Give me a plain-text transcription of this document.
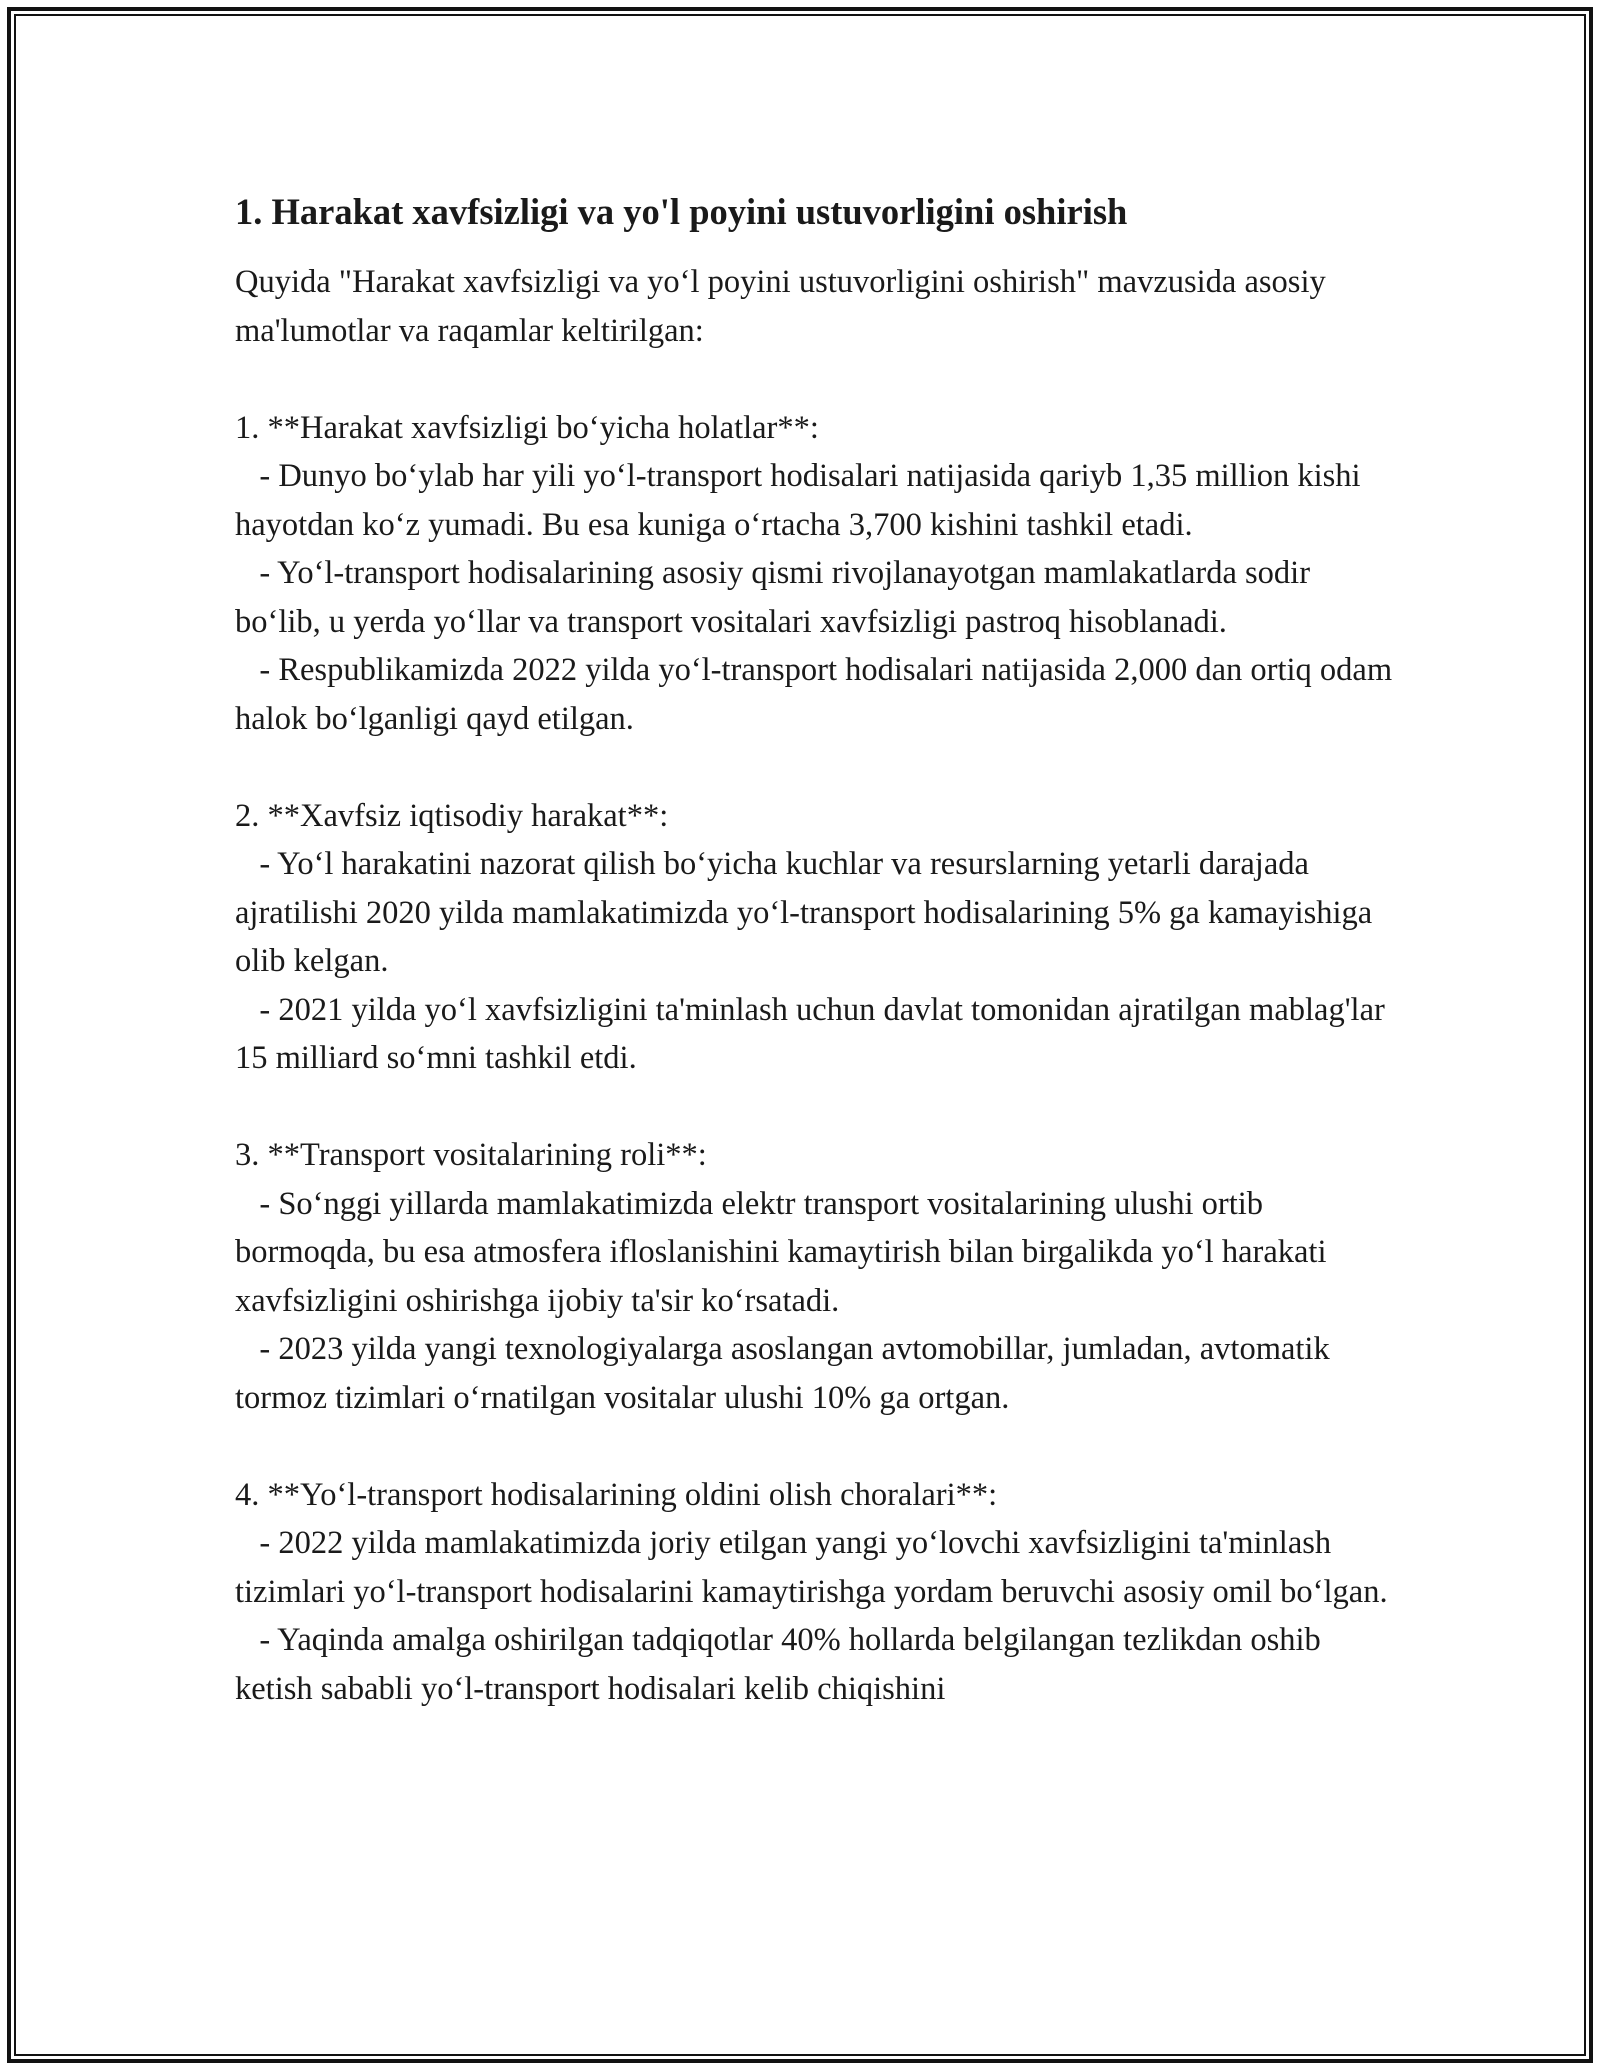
1. Harakat xavfsizligi va yo'l poyini ustuvorligini oshirish

Quyida "Harakat xavfsizligi va yo‘l poyini ustuvorligini oshirish" mavzusida asosiy ma'lumotlar va raqamlar keltirilgan:

1. **Harakat xavfsizligi bo‘yicha holatlar**:

- Dunyo bo‘ylab har yili yo‘l-transport hodisalari natijasida qariyb 1,35 million kishi hayotdan ko‘z yumadi. Bu esa kuniga o‘rtacha 3,700 kishini tashkil etadi.

- Yo‘l-transport hodisalarining asosiy qismi rivojlanayotgan mamlakatlarda sodir bo‘lib, u yerda yo‘llar va transport vositalari xavfsizligi pastroq hisoblanadi.

- Respublikamizda 2022 yilda yo‘l-transport hodisalari natijasida 2,000 dan ortiq odam halok bo‘lganligi qayd etilgan.

2. **Xavfsiz iqtisodiy harakat**:

- Yo‘l harakatini nazorat qilish bo‘yicha kuchlar va resurslarning yetarli darajada ajratilishi 2020 yilda mamlakatimizda yo‘l-transport hodisalarining 5% ga kamayishiga olib kelgan.

- 2021 yilda yo‘l xavfsizligini ta'minlash uchun davlat tomonidan ajratilgan mablag'lar 15 milliard so‘mni tashkil etdi.

3. **Transport vositalarining roli**:

- So‘nggi yillarda mamlakatimizda elektr transport vositalarining ulushi ortib bormoqda, bu esa atmosfera ifloslanishini kamaytirish bilan birgalikda yo‘l harakati xavfsizligini oshirishga ijobiy ta'sir ko‘rsatadi.

- 2023 yilda yangi texnologiyalarga asoslangan avtomobillar, jumladan, avtomatik tormoz tizimlari o‘rnatilgan vositalar ulushi 10% ga ortgan.

4. **Yo‘l-transport hodisalarining oldini olish choralari**:

- 2022 yilda mamlakatimizda joriy etilgan yangi yo‘lovchi xavfsizligini ta'minlash tizimlari yo‘l-transport hodisalarini kamaytirishga yordam beruvchi asosiy omil bo‘lgan.

- Yaqinda amalga oshirilgan tadqiqotlar 40% hollarda belgilangan tezlikdan oshib ketish sababli yo‘l-transport hodisalari kelib chiqishini
